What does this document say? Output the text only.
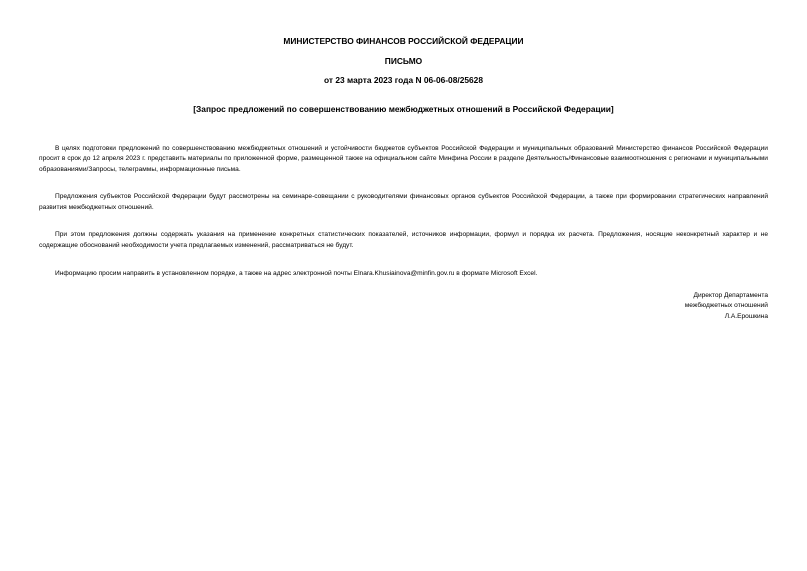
МИНИСТЕРСТВО ФИНАНСОВ РОССИЙСКОЙ ФЕДЕРАЦИИ
ПИСЬМО
от 23 марта 2023 года N 06-06-08/25628
[Запрос предложений по совершенствованию межбюджетных отношений в Российской Федерации]

В целях подготовки предложений по совершенствованию межбюджетных отношений и устойчивости бюджетов субъектов Российской Федерации и муниципальных образований Министерство финансов Российской Федерации просит в срок до 12 апреля 2023 г. представить материалы по приложенной форме, размещенной также на официальном сайте Минфина России в разделе Деятельность/Финансовые взаимоотношения с регионами и муниципальными образованиями/Запросы, телеграммы, информационные письма.

Предложения субъектов Российской Федерации будут рассмотрены на семинаре-совещании с руководителями финансовых органов субъектов Российской Федерации, а также при формировании стратегических направлений развития межбюджетных отношений.

При этом предложения должны содержать указания на применение конкретных статистических показателей, источников информации, формул и порядка их расчета. Предложения, носящие неконкретный характер и не содержащие обоснований необходимости учета предлагаемых изменений, рассматриваться не будут.

Информацию просим направить в установленном порядке, а также на адрес электронной почты Elnara.Khusiainova@minfin.gov.ru в формате Microsoft Excel.

Директор Департамента
межбюджетных отношений
Л.А.Ерошкина
